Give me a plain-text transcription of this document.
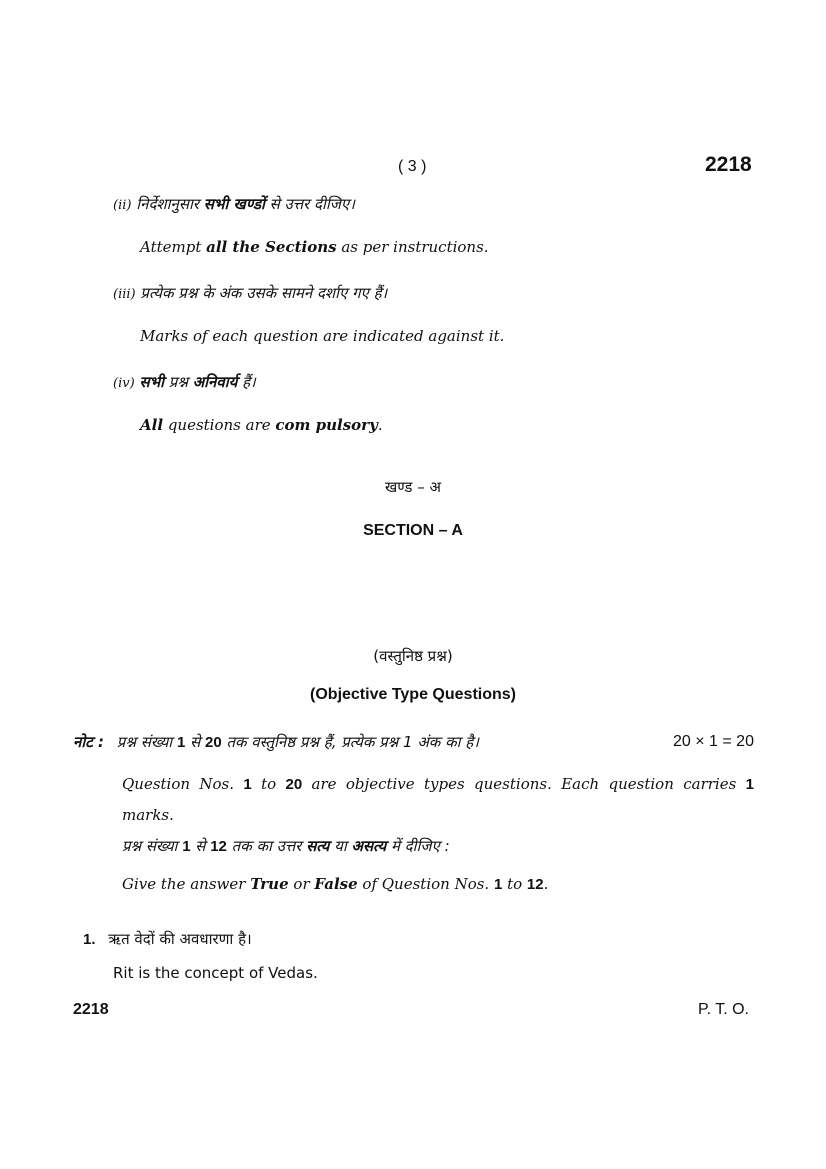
( 3 )	2218
(ii) निर्देशानुसार सभी खण्डों से उत्तर दीजिए।
Attempt all the Sections as per instructions.
(iii) प्रत्येक प्रश्न के अंक उसके सामने दर्शाए गए हैं।
Marks of each question are indicated against it.
(iv) सभी प्रश्न अनिवार्य हैं।
All questions are com pulsory.
खण्ड – अ
SECTION – A
(वस्तुनिष्ठ प्रश्न)
(Objective Type Questions)
नोट : प्रश्न संख्या 1 से 20 तक वस्तुनिष्ठ प्रश्न हैं, प्रत्येक प्रश्न 1 अंक का है।	20 × 1 = 20
Question Nos. 1 to 20 are objective types questions. Each question carries 1 marks.
प्रश्न संख्या 1 से 12 तक का उत्तर सत्य या असत्य में दीजिए :
Give the answer True or False of Question Nos. 1 to 12.
1. ऋत वेदों की अवधारणा है।
Rit is the concept of Vedas.
2218	P. T. O.
